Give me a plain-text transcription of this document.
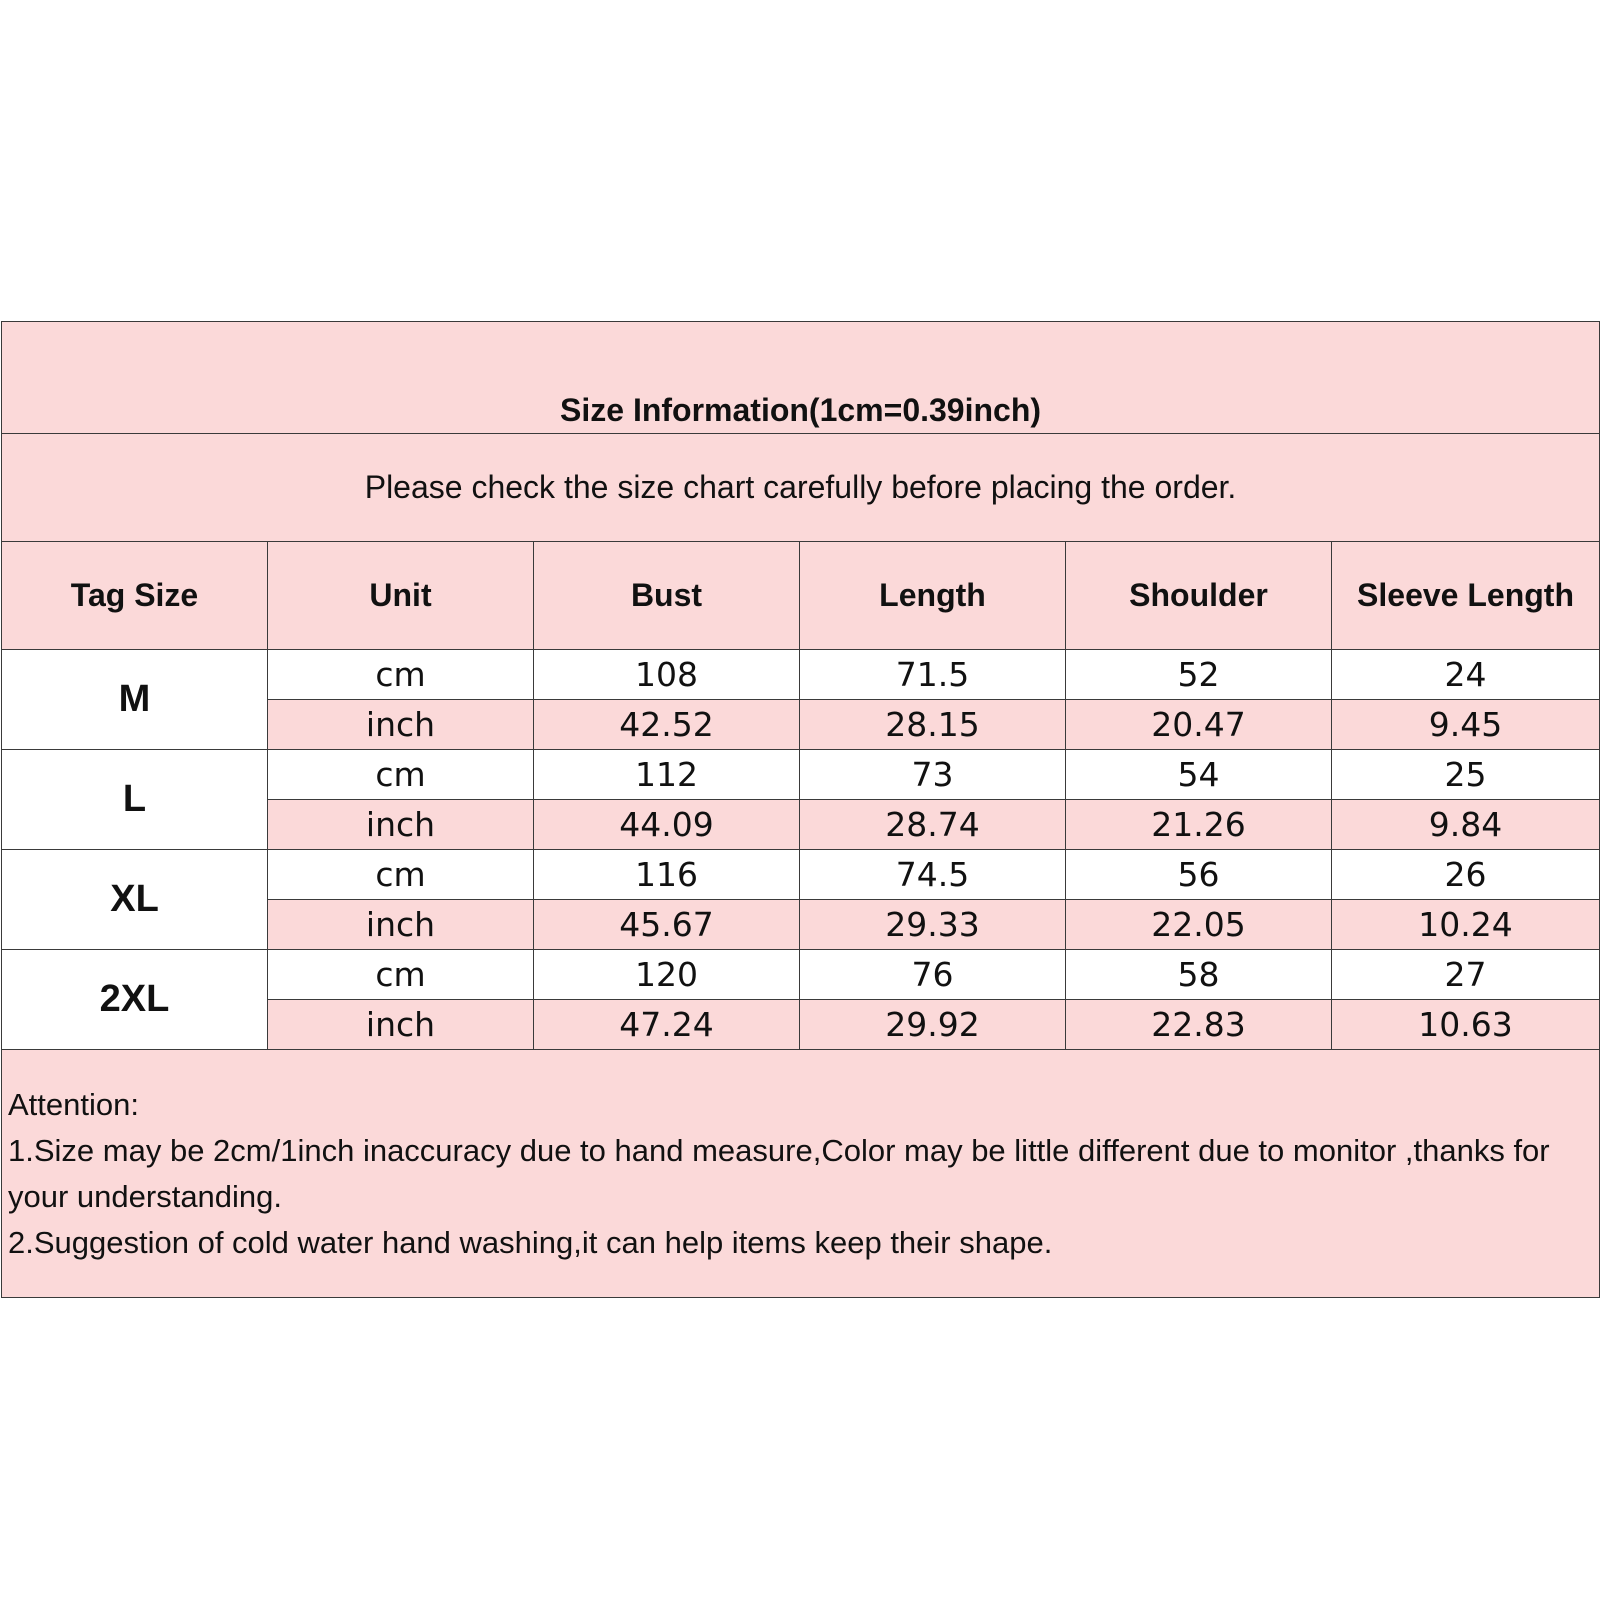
Size Information(1cm=0.39inch)					
Please check the size chart carefully before placing the order.					
Tag Size	Unit	Bust	Length	Shoulder	Sleeve Length
M	cm	108	71.5	52	24
	inch	42.52	28.15	20.47	9.45
L	cm	112	73	54	25
	inch	44.09	28.74	21.26	9.84
XL	cm	116	74.5	56	26
	inch	45.67	29.33	22.05	10.24
2XL	cm	120	76	58	27
	inch	47.24	29.92	22.83	10.63

Attention:
1.Size may be 2cm/1inch inaccuracy due to hand measure,Color may be little different due to monitor ,thanks for your understanding.
2.Suggestion of cold water hand washing,it can help items keep their shape.					
